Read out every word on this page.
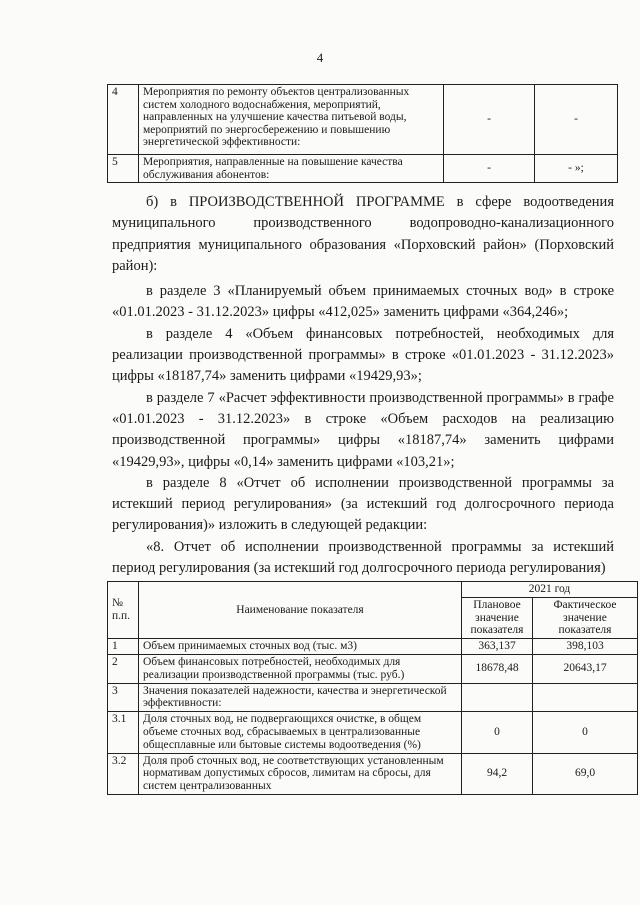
4
4	Мероприятия по ремонту объектов централизованных систем холодного водоснабжения, мероприятий, направленных на улучшение качества питьевой воды, мероприятий по энергосбережению и повышению энергетической эффективности:	-	-
5	Мероприятия, направленные на повышение качества обслуживания абонентов:	-	- »;

б) в ПРОИЗВОДСТВЕННОЙ ПРОГРАММЕ в сфере водоотведения муниципального производственного водопроводно-канализационного предприятия муниципального образования «Порховский район» (Порховский район):

в разделе 3 «Планируемый объем принимаемых сточных вод» в строке «01.01.2023 - 31.12.2023» цифры «412,025» заменить цифрами «364,246»;

в разделе 4 «Объем финансовых потребностей, необходимых для реализации производственной программы» в строке «01.01.2023 - 31.12.2023» цифры «18187,74» заменить цифрами «19429,93»;

в разделе 7 «Расчет эффективности производственной программы» в графе «01.01.2023 - 31.12.2023» в строке «Объем расходов на реализацию производственной программы» цифры «18187,74» заменить цифрами «19429,93», цифры «0,14» заменить цифрами «103,21»;

в разделе 8 «Отчет об исполнении производственной программы за истекший период регулирования» (за истекший год долгосрочного периода регулирования)» изложить в следующей редакции:

«8. Отчет об исполнении производственной программы за истекший период регулирования (за истекший год долгосрочного периода регулирования)

№ п.п.	Наименование показателя	2021 год	
		Плановое значение показателя	Фактическое значение показателя
1	Объем принимаемых сточных вод (тыс. м3)	363,137	398,103
2	Объем финансовых потребностей, необходимых для реализации производственной программы (тыс. руб.)	18678,48	20643,17
3	Значения показателей надежности, качества и энергетической эффективности:		
3.1	Доля сточных вод, не подвергающихся очистке, в общем объеме сточных вод, сбрасываемых в централизованные общесплавные или бытовые системы водоотведения (%)	0	0
3.2	Доля проб сточных вод, не соответствующих установленным нормативам допустимых сбросов, лимитам на сбросы, для систем централизованных	94,2	69,0
